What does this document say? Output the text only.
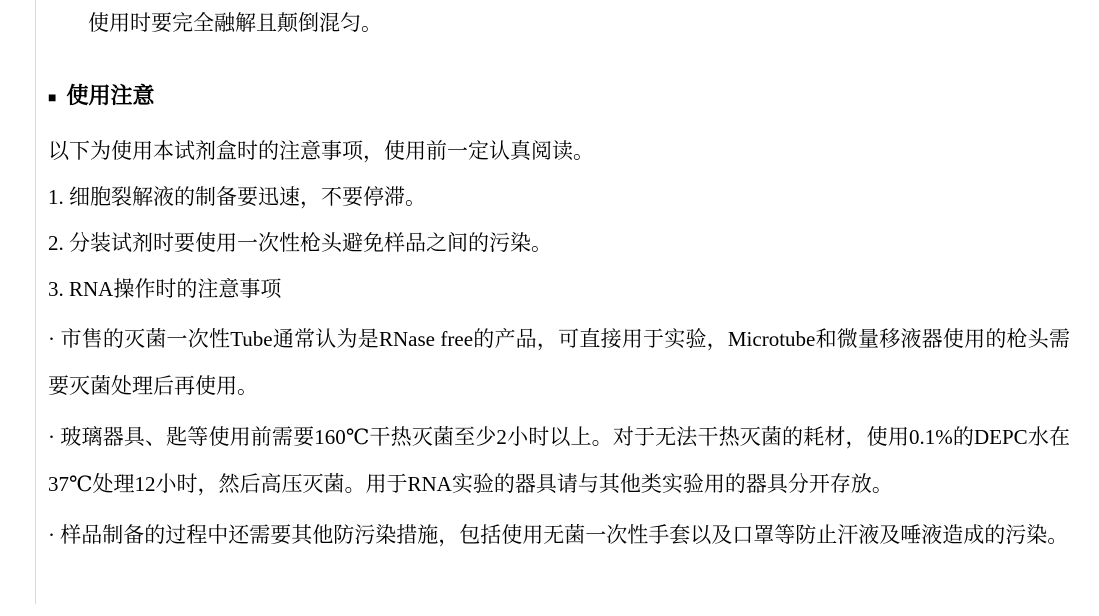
使用时要完全融解且颠倒混匀。

■ 使用注意

以下为使用本试剂盒时的注意事项，使用前一定认真阅读。

1. 细胞裂解液的制备要迅速，不要停滞。

2. 分装试剂时要使用一次性枪头避免样品之间的污染。

3. RNA操作时的注意事项

· 市售的灭菌一次性Tube通常认为是RNase free的产品，可直接用于实验，Microtube和微量移液器使用的枪头需要灭菌处理后再使用。

· 玻璃器具、匙等使用前需要160℃干热灭菌至少2小时以上。对于无法干热灭菌的耗材，使用0.1%的DEPC水在37℃处理12小时，然后高压灭菌。用于RNA实验的器具请与其他类实验用的器具分开存放。

· 样品制备的过程中还需要其他防污染措施，包括使用无菌一次性手套以及口罩等防止汗液及唾液造成的污染。
